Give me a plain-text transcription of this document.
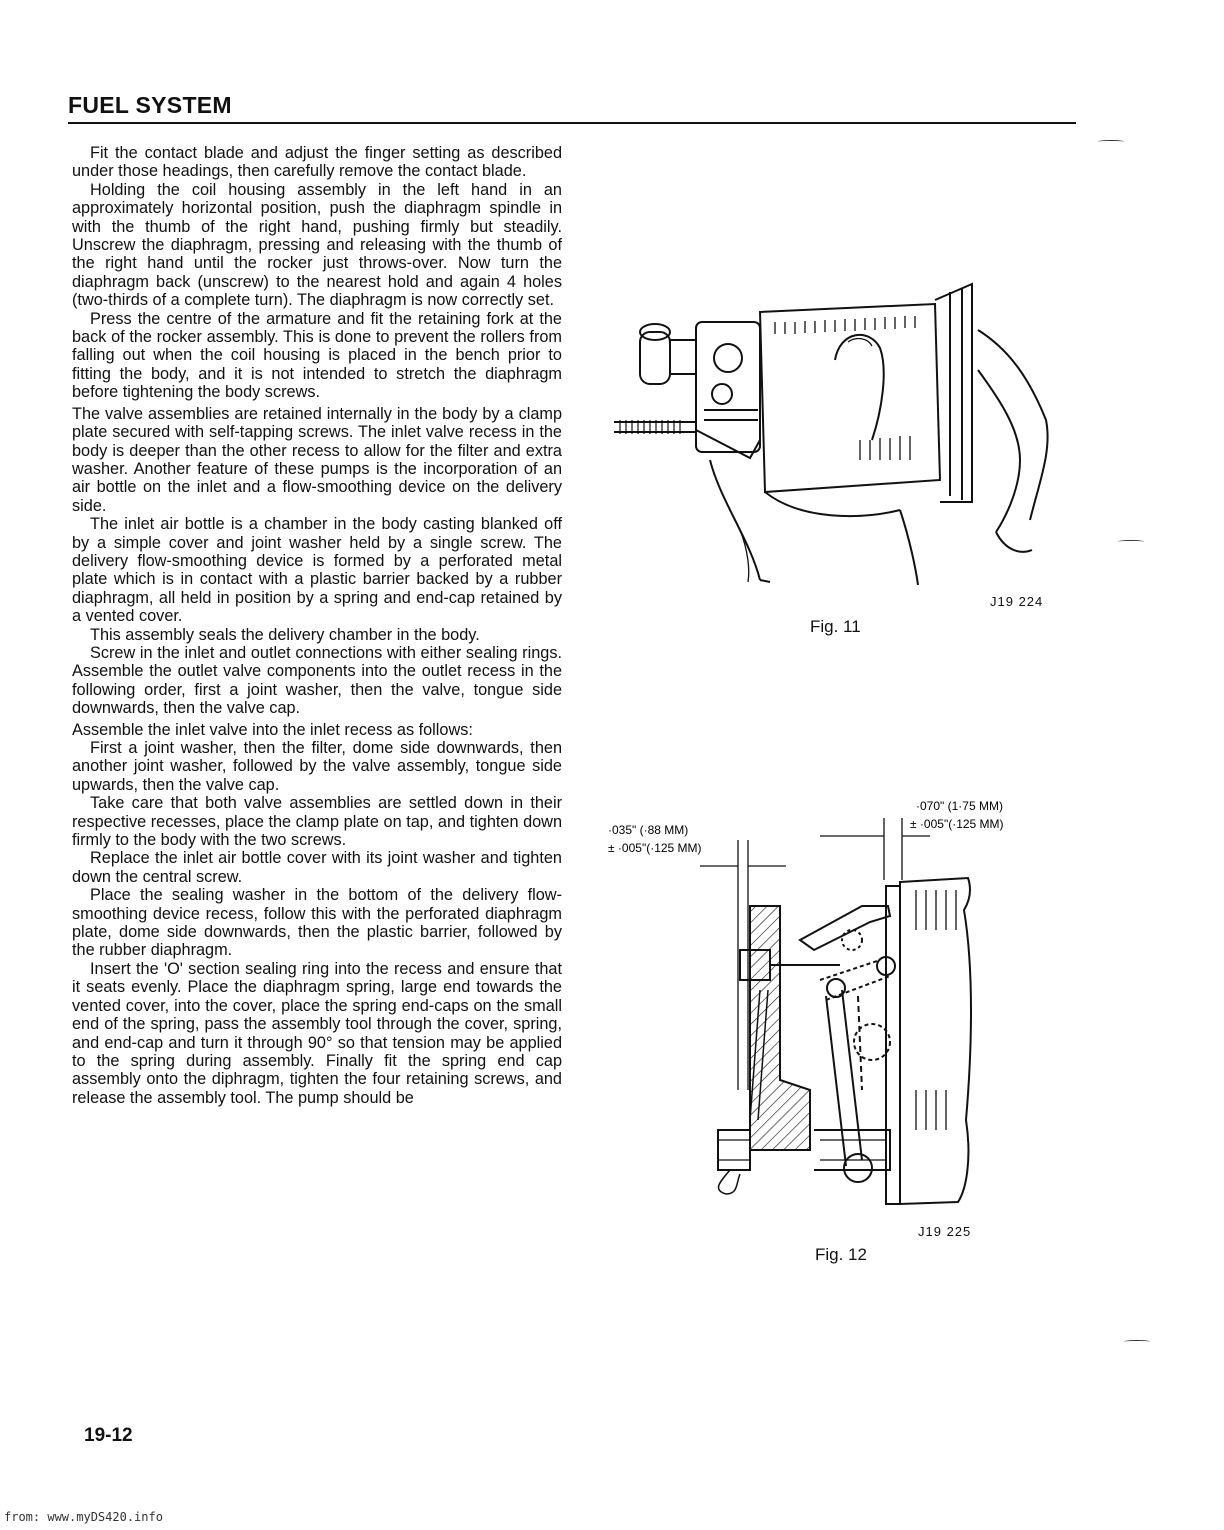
FUEL SYSTEM

Fit the contact blade and adjust the finger setting as described under those headings, then carefully remove the contact blade.

Holding the coil housing assembly in the left hand in an approximately horizontal position, push the diaphragm spindle in with the thumb of the right hand, pushing firmly but steadily. Unscrew the diaphragm, pressing and releasing with the thumb of the right hand until the rocker just throws-over. Now turn the diaphragm back (unscrew) to the nearest hold and again 4 holes (two-thirds of a complete turn). The diaphragm is now correctly set.

Press the centre of the armature and fit the retaining fork at the back of the rocker assembly. This is done to prevent the rollers from falling out when the coil housing is placed in the bench prior to fitting the body, and it is not intended to stretch the diaphragm before tightening the body screws.

The valve assemblies are retained internally in the body by a clamp plate secured with self-tapping screws. The inlet valve recess in the body is deeper than the other recess to allow for the filter and extra washer. Another feature of these pumps is the incorporation of an air bottle on the inlet and a flow-smoothing device on the delivery side.

The inlet air bottle is a chamber in the body casting blanked off by a simple cover and joint washer held by a single screw. The delivery flow-smoothing device is formed by a perforated metal plate which is in contact with a plastic barrier backed by a rubber diaphragm, all held in position by a spring and end-cap retained by a vented cover.

This assembly seals the delivery chamber in the body.

Screw in the inlet and outlet connections with either sealing rings. Assemble the outlet valve components into the outlet recess in the following order, first a joint washer, then the valve, tongue side downwards, then the valve cap.

Assemble the inlet valve into the inlet recess as follows:

First a joint washer, then the filter, dome side downwards, then another joint washer, followed by the valve assembly, tongue side upwards, then the valve cap.

Take care that both valve assemblies are settled down in their respective recesses, place the clamp plate on tap, and tighten down firmly to the body with the two screws.

Replace the inlet air bottle cover with its joint washer and tighten down the central screw.

Place the sealing washer in the bottom of the delivery flow-smoothing device recess, follow this with the perforated diaphragm plate, dome side downwards, then the plastic barrier, followed by the rubber diaphragm.

Insert the 'O' section sealing ring into the recess and ensure that it seats evenly. Place the diaphragm spring, large end towards the vented cover, into the cover, place the spring end-caps on the small end of the spring, pass the assembly tool through the cover, spring, and end-cap and turn it through 90° so that tension may be applied to the spring during assembly. Finally fit the spring end cap assembly onto the diphragm, tighten the four retaining screws, and release the assembly tool. The pump should be

J19 224
Fig. 11
·035" (·88 MM)
± ·005"(·125 MM)
·070" (1·75 MM)
± ·005"(·125 MM)
J19 225
Fig. 12
19-12
from: www.myDS420.info
